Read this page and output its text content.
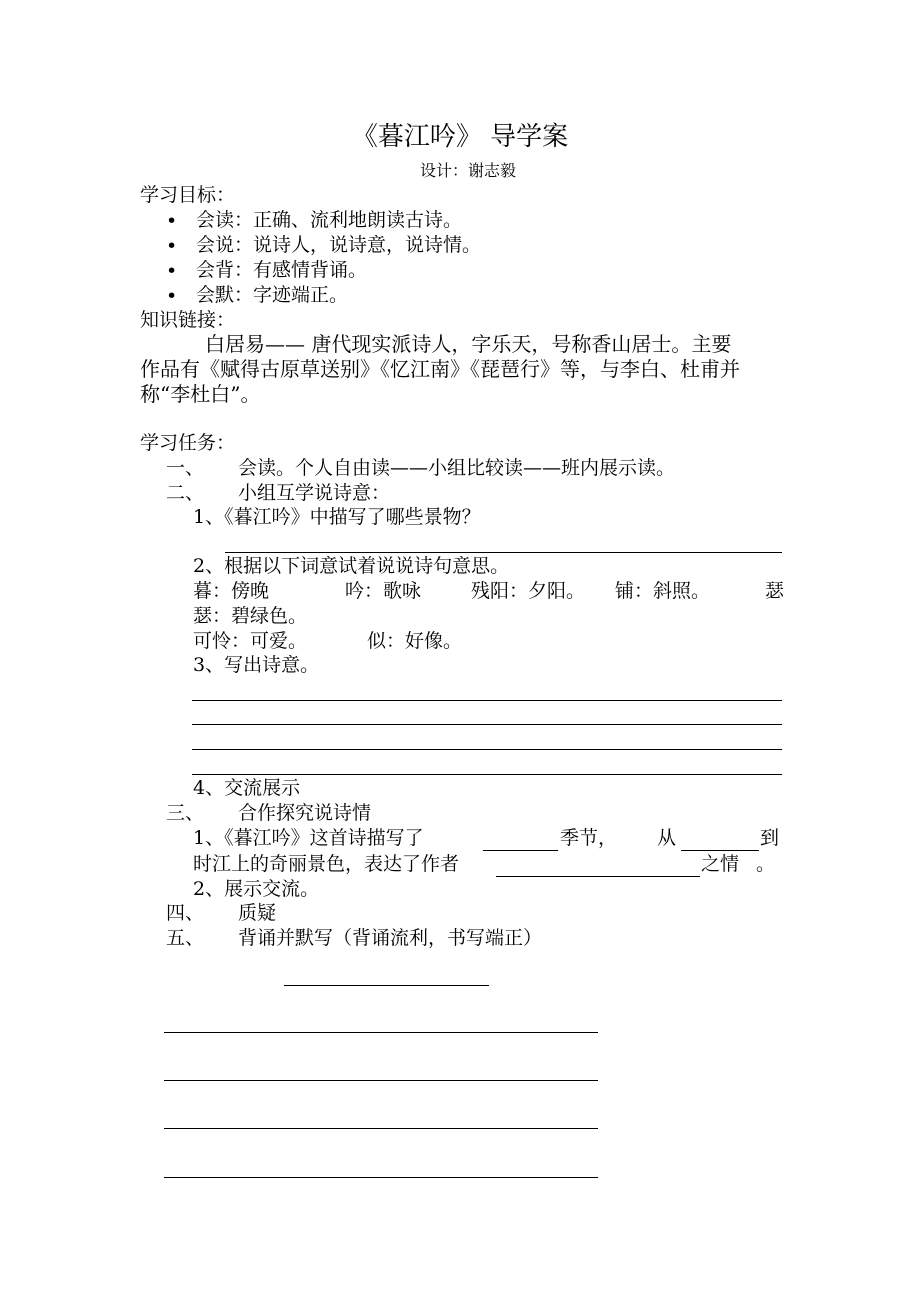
《暮江吟》 导学案
设计：谢志毅
学习目标：
• 会读：正确、流利地朗读古诗。
• 会说：说诗人，说诗意，说诗情。
• 会背：有感情背诵。
• 会默：字迹端正。
知识链接：
白居易—— 唐代现实派诗人，字乐天，号称香山居士。主要
作品有《赋得古原草送别》《忆江南》《琵琶行》等，与李白、杜甫并
称“李杜白”。
学习任务：
一、 会读。个人自由读——小组比较读——班内展示读。
二、 小组互学说诗意：
1、《暮江吟》中描写了哪些景物？
2、根据以下词意试着说说诗句意思。
暮：傍晚	吟：歌咏	残阳：夕阳。 铺：斜照。	瑟
瑟：碧绿色。
可怜：可爱。	似：好像。
3、写出诗意。
4、交流展示
三、 合作探究说诗情
1、《暮江吟》这首诗描写了	季节， 从	到
时江上的奇丽景色，表达了作者	之情 。
2、展示交流。
四、 质疑
五、 背诵并默写（背诵流利，书写端正）
